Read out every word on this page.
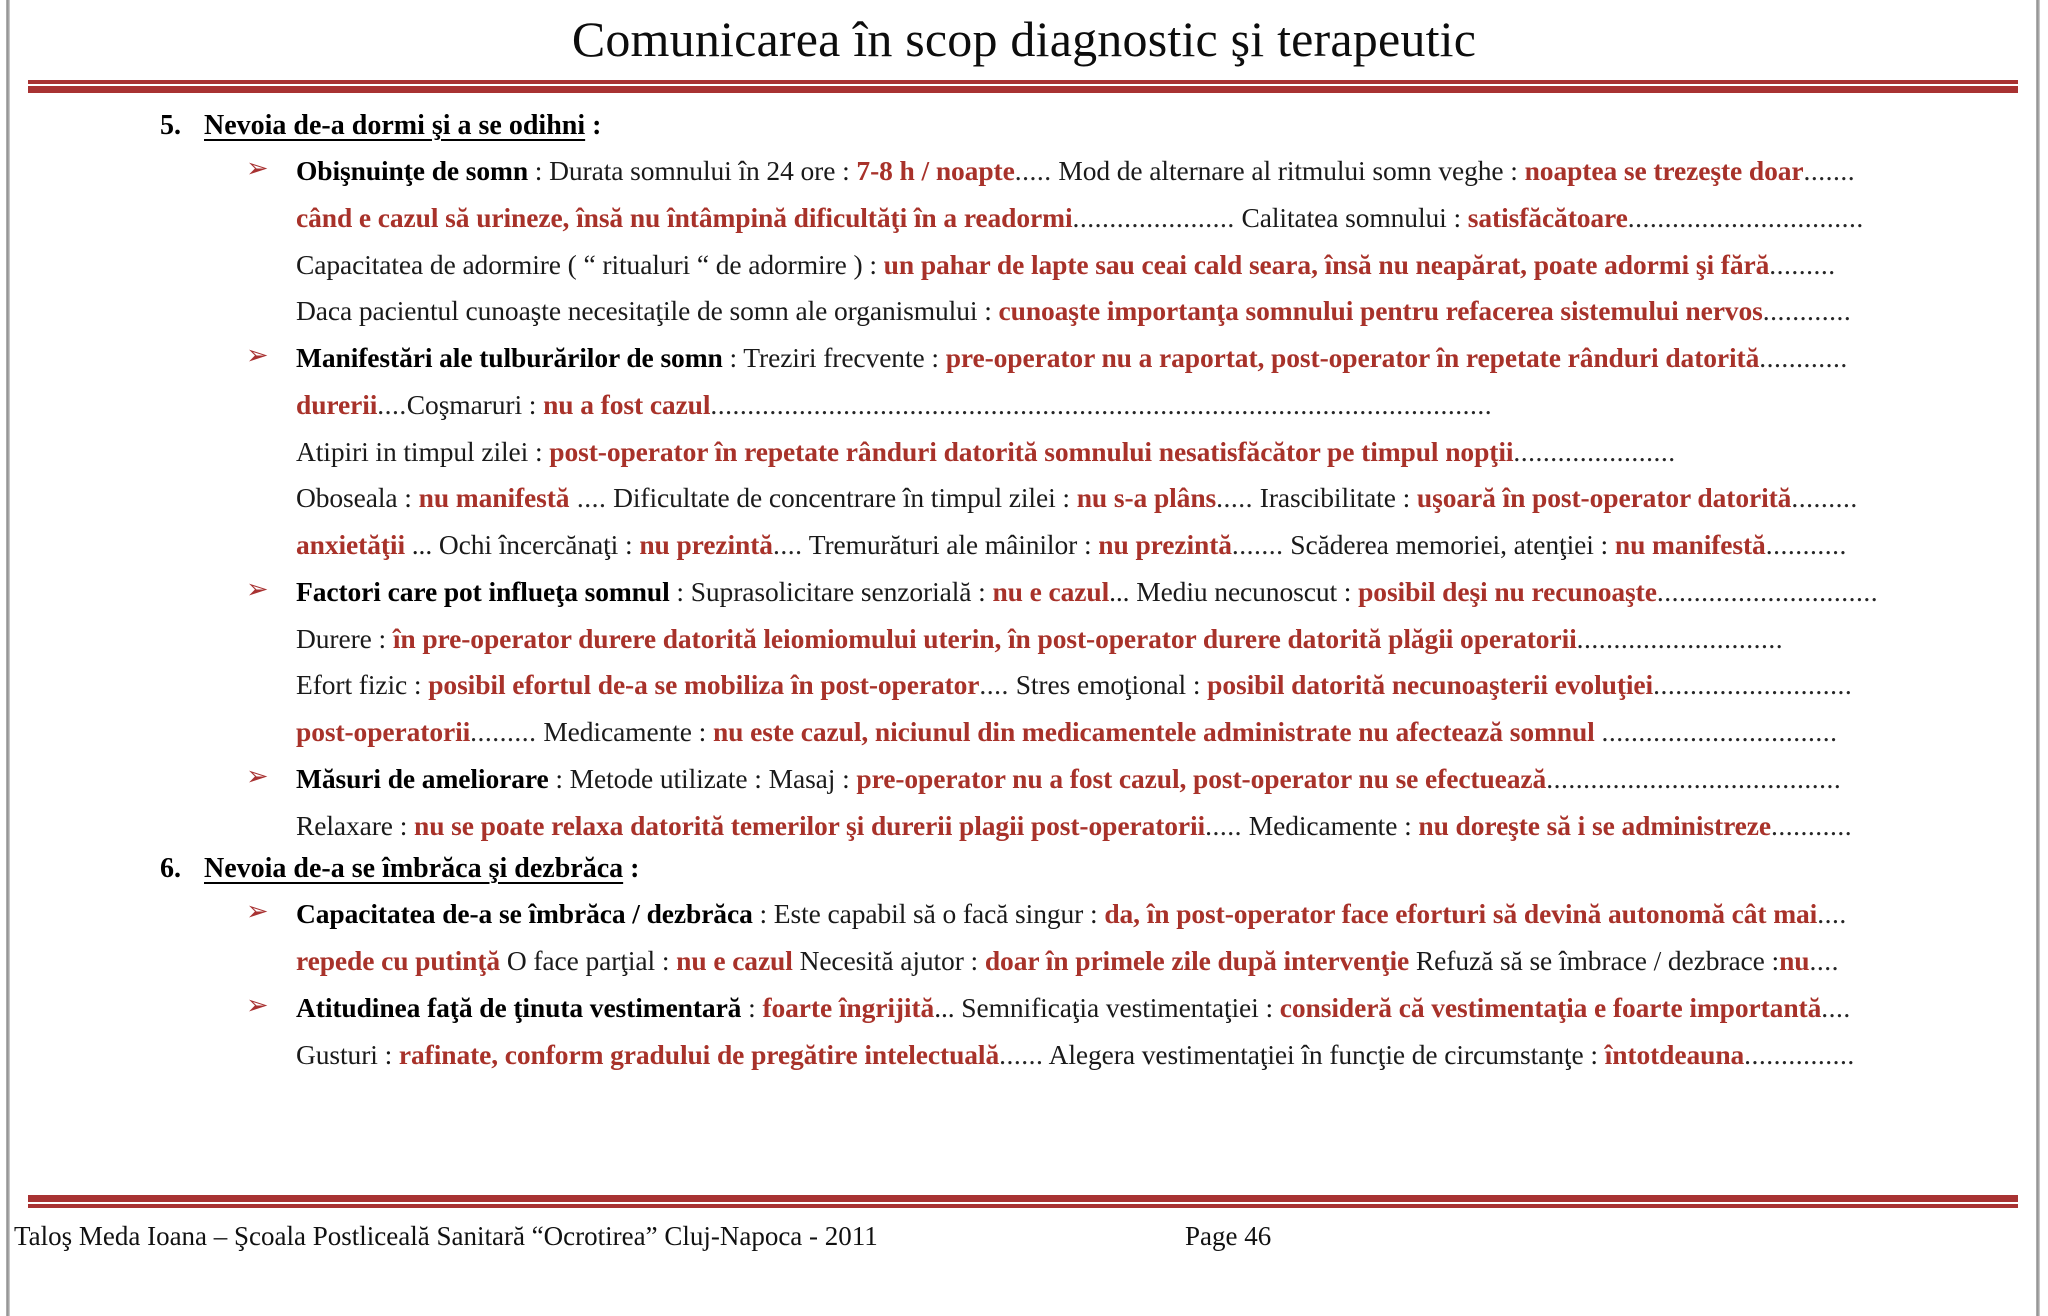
Comunicarea în scop diagnostic şi terapeutic
5. Nevoia de-a dormi şi a se odihni :
➢ Obişnuinţe de somn : Durata somnului în 24 ore : 7-8 h / noapte..... Mod de alternare al ritmului somn veghe : noaptea se trezeşte doar.......
când e cazul să urineze, însă nu întâmpină dificultăţi în a readormi...................... Calitatea somnului : satisfăcătoare................................
Capacitatea de adormire ( “ ritualuri “ de adormire ) : un pahar de lapte sau ceai cald seara, însă nu neapărat, poate adormi şi fără.........
Daca pacientul cunoaşte necesitaţile de somn ale organismului : cunoaşte importanţa somnului pentru refacerea sistemului nervos............
➢ Manifestări ale tulburărilor de somn : Treziri frecvente : pre-operator nu a raportat, post-operator în repetate rânduri datorită............
durerii....Coşmaruri : nu a fost cazul..........................................................................................................
Atipiri in timpul zilei : post-operator în repetate rânduri datorită somnului nesatisfăcător pe timpul nopţii......................
Oboseala : nu manifestă .... Dificultate de concentrare în timpul zilei : nu s-a plâns..... Irascibilitate : uşoară în post-operator datorită.........
anxietăţii ... Ochi încercănaţi : nu prezintă.... Tremurături ale mâinilor : nu prezintă....... Scăderea memoriei, atenţiei : nu manifestă...........
➢ Factori care pot influeţa somnul : Suprasolicitare senzorială : nu e cazul... Mediu necunoscut : posibil deşi nu recunoaşte..............................
Durere : în pre-operator durere datorită leiomiomului uterin, în post-operator durere datorită plăgii operatorii............................
Efort fizic : posibil efortul de-a se mobiliza în post-operator.... Stres emoţional : posibil datorită necunoaşterii evoluţiei...........................
post-operatorii......... Medicamente : nu este cazul, niciunul din medicamentele administrate nu afectează somnul ................................
➢ Măsuri de ameliorare : Metode utilizate : Masaj : pre-operator nu a fost cazul, post-operator nu se efectuează........................................
Relaxare : nu se poate relaxa datorită temerilor şi durerii plagii post-operatorii..... Medicamente : nu doreşte să i se administreze...........
6. Nevoia de-a se îmbrăca şi dezbrăca :
➢ Capacitatea de-a se îmbrăca / dezbrăca : Este capabil să o facă singur : da, în post-operator face eforturi să devină autonomă cât mai....
repede cu putinţă O face parţial : nu e cazul Necesită ajutor : doar în primele zile după intervenţie Refuză să se îmbrace / dezbrace :nu....
➢ Atitudinea faţă de ţinuta vestimentară : foarte îngrijită... Semnificaţia vestimentaţiei : consideră că vestimentaţia e foarte importantă....
Gusturi : rafinate, conform gradului de pregătire intelectuală...... Alegera vestimentaţiei în funcţie de circumstanţe : întotdeauna...............
Taloş Meda Ioana – Şcoala Postliceală Sanitară “Ocrotirea” Cluj-Napoca - 2011	Page 46
